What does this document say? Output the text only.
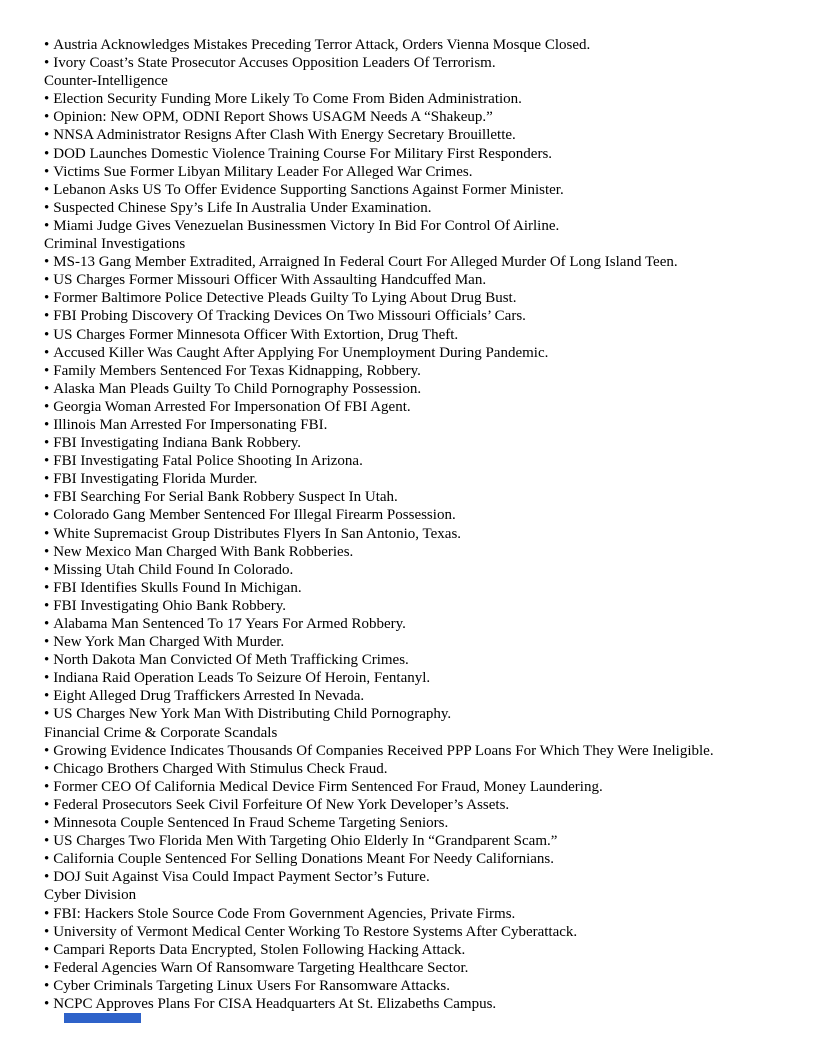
• Austria Acknowledges Mistakes Preceding Terror Attack, Orders Vienna Mosque Closed.
• Ivory Coast’s State Prosecutor Accuses Opposition Leaders Of Terrorism.
Counter-Intelligence
• Election Security Funding More Likely To Come From Biden Administration.
• Opinion: New OPM, ODNI Report Shows USAGM Needs A “Shakeup.”
• NNSA Administrator Resigns After Clash With Energy Secretary Brouillette.
• DOD Launches Domestic Violence Training Course For Military First Responders.
• Victims Sue Former Libyan Military Leader For Alleged War Crimes.
• Lebanon Asks US To Offer Evidence Supporting Sanctions Against Former Minister.
• Suspected Chinese Spy’s Life In Australia Under Examination.
• Miami Judge Gives Venezuelan Businessmen Victory In Bid For Control Of Airline.
Criminal Investigations
• MS-13 Gang Member Extradited, Arraigned In Federal Court For Alleged Murder Of Long Island Teen.
• US Charges Former Missouri Officer With Assaulting Handcuffed Man.
• Former Baltimore Police Detective Pleads Guilty To Lying About Drug Bust.
• FBI Probing Discovery Of Tracking Devices On Two Missouri Officials’ Cars.
• US Charges Former Minnesota Officer With Extortion, Drug Theft.
• Accused Killer Was Caught After Applying For Unemployment During Pandemic.
• Family Members Sentenced For Texas Kidnapping, Robbery.
• Alaska Man Pleads Guilty To Child Pornography Possession.
• Georgia Woman Arrested For Impersonation Of FBI Agent.
• Illinois Man Arrested For Impersonating FBI.
• FBI Investigating Indiana Bank Robbery.
• FBI Investigating Fatal Police Shooting In Arizona.
• FBI Investigating Florida Murder.
• FBI Searching For Serial Bank Robbery Suspect In Utah.
• Colorado Gang Member Sentenced For Illegal Firearm Possession.
• White Supremacist Group Distributes Flyers In San Antonio, Texas.
• New Mexico Man Charged With Bank Robberies.
• Missing Utah Child Found In Colorado.
• FBI Identifies Skulls Found In Michigan.
• FBI Investigating Ohio Bank Robbery.
• Alabama Man Sentenced To 17 Years For Armed Robbery.
• New York Man Charged With Murder.
• North Dakota Man Convicted Of Meth Trafficking Crimes.
• Indiana Raid Operation Leads To Seizure Of Heroin, Fentanyl.
• Eight Alleged Drug Traffickers Arrested In Nevada.
• US Charges New York Man With Distributing Child Pornography.
Financial Crime & Corporate Scandals
• Growing Evidence Indicates Thousands Of Companies Received PPP Loans For Which They Were Ineligible.
• Chicago Brothers Charged With Stimulus Check Fraud.
• Former CEO Of California Medical Device Firm Sentenced For Fraud, Money Laundering.
• Federal Prosecutors Seek Civil Forfeiture Of New York Developer’s Assets.
• Minnesota Couple Sentenced In Fraud Scheme Targeting Seniors.
• US Charges Two Florida Men With Targeting Ohio Elderly In “Grandparent Scam.”
• California Couple Sentenced For Selling Donations Meant For Needy Californians.
• DOJ Suit Against Visa Could Impact Payment Sector’s Future.
Cyber Division
• FBI: Hackers Stole Source Code From Government Agencies, Private Firms.
• University of Vermont Medical Center Working To Restore Systems After Cyberattack.
• Campari Reports Data Encrypted, Stolen Following Hacking Attack.
• Federal Agencies Warn Of Ransomware Targeting Healthcare Sector.
• Cyber Criminals Targeting Linux Users For Ransomware Attacks.
• NCPC Approves Plans For CISA Headquarters At St. Elizabeths Campus.
